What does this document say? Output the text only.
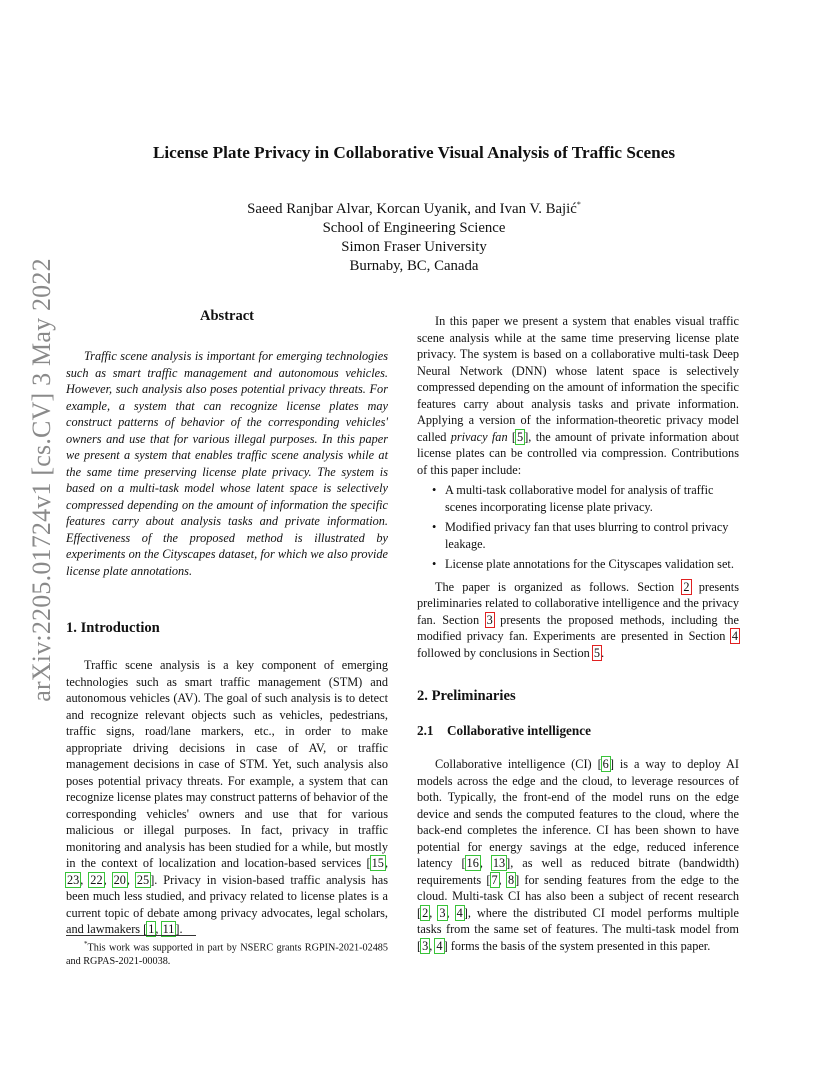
arXiv:2205.01724v1 [cs.CV] 3 May 2022
License Plate Privacy in Collaborative Visual Analysis of Traffic Scenes
Saeed Ranjbar Alvar, Korcan Uyanik, and Ivan V. Bajić*
School of Engineering Science
Simon Fraser University
Burnaby, BC, Canada
Abstract
Traffic scene analysis is important for emerging technologies such as smart traffic management and autonomous vehicles. However, such analysis also poses potential privacy threats. For example, a system that can recognize license plates may construct patterns of behavior of the corresponding vehicles' owners and use that for various illegal purposes. In this paper we present a system that enables traffic scene analysis while at the same time preserving license plate privacy. The system is based on a multi-task model whose latent space is selectively compressed depending on the amount of information the specific features carry about analysis tasks and private information. Effectiveness of the proposed method is illustrated by experiments on the Cityscapes dataset, for which we also provide license plate annotations.
1. Introduction

Traffic scene analysis is a key component of emerging technologies such as smart traffic management (STM) and autonomous vehicles (AV). The goal of such analysis is to detect and recognize relevant objects such as vehicles, pedestrians, traffic signs, road/lane markers, etc., in order to make appropriate driving decisions in case of AV, or traffic management decisions in case of STM. Yet, such analysis also poses potential privacy threats. For example, a system that can recognize license plates may construct patterns of behavior of the corresponding vehicles' owners and use that for various malicious or illegal purposes. In fact, privacy in traffic monitoring and analysis has been studied for a while, but mostly in the context of localization and location-based services [15, 23, 22, 20, 25]. Privacy in vision-based traffic analysis has been much less studied, and privacy related to license plates is a current topic of debate among privacy advocates, legal scholars, and lawmakers [1, 11].

*This work was supported in part by NSERC grants RGPIN-2021-02485 and RGPAS-2021-00038.

In this paper we present a system that enables visual traffic scene analysis while at the same time preserving license plate privacy. The system is based on a collaborative multi-task Deep Neural Network (DNN) whose latent space is selectively compressed depending on the amount of information the specific features carry about analysis tasks and private information. Applying a version of the information-theoretic privacy model called privacy fan [5], the amount of private information about license plates can be controlled via compression. Contributions of this paper include:

• A multi-task collaborative model for analysis of traffic scenes incorporating license plate privacy.
• Modified privacy fan that uses blurring to control privacy leakage.
• License plate annotations for the Cityscapes validation set.

The paper is organized as follows. Section 2 presents preliminaries related to collaborative intelligence and the privacy fan. Section 3 presents the proposed methods, including the modified privacy fan. Experiments are presented in Section 4 followed by conclusions in Section 5.

2. Preliminaries
2.1 Collaborative intelligence

Collaborative intelligence (CI) [6] is a way to deploy AI models across the edge and the cloud, to leverage resources of both. Typically, the front-end of the model runs on the edge device and sends the computed features to the cloud, where the back-end completes the inference. CI has been shown to have potential for energy savings at the edge, reduced inference latency [16, 13], as well as reduced bitrate (bandwidth) requirements [7, 8] for sending features from the edge to the cloud. Multi-task CI has also been a subject of recent research [2, 3, 4], where the distributed CI model performs multiple tasks from the same set of features. The multi-task model from [3, 4] forms the basis of the system presented in this paper.
